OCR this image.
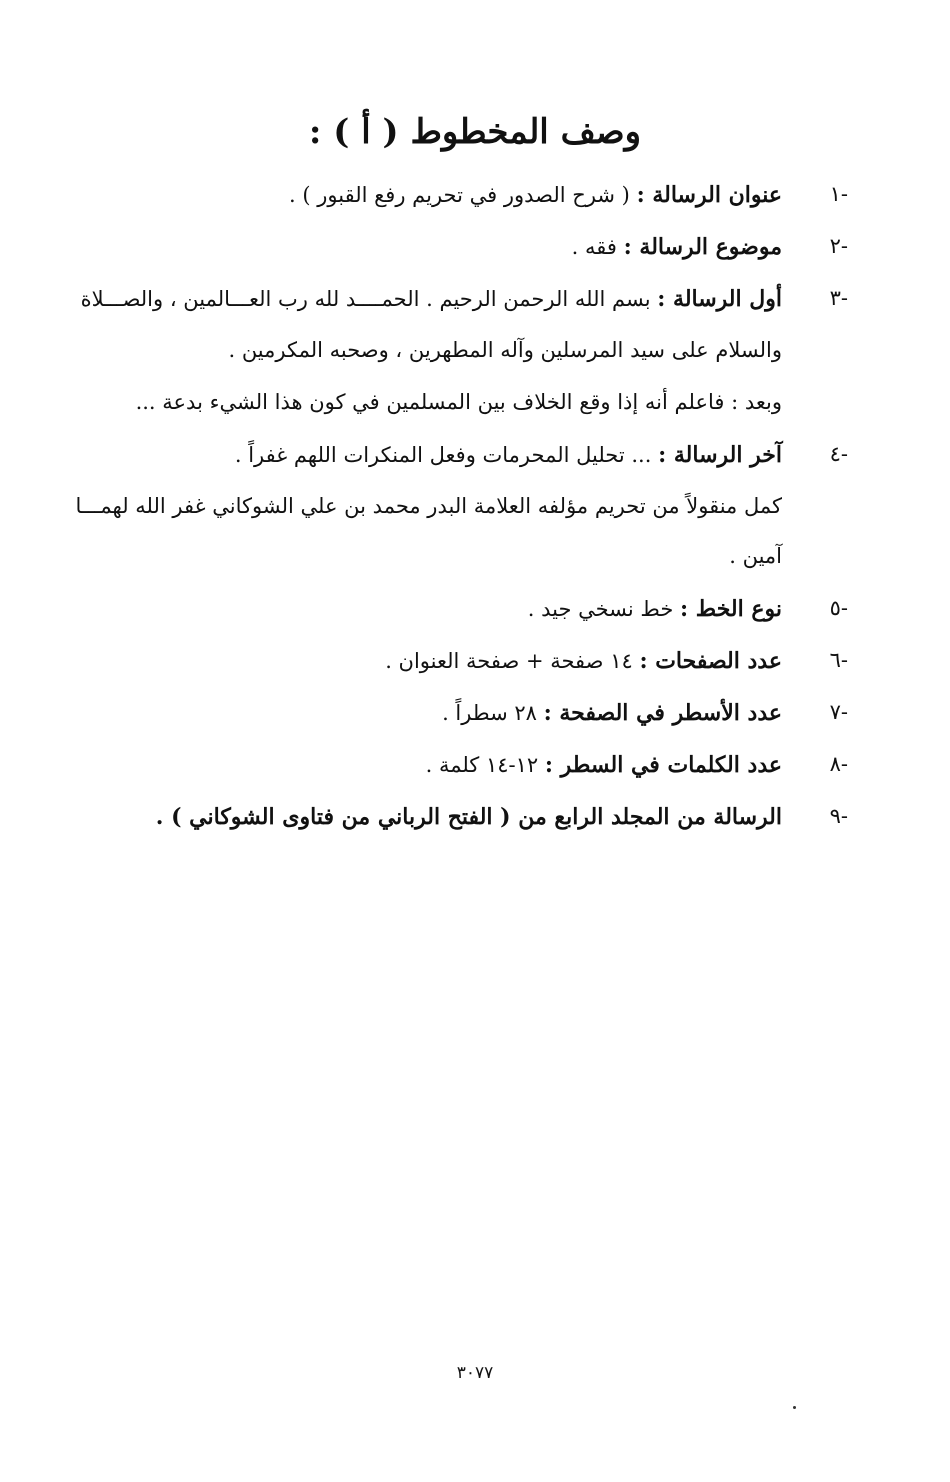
وصف المخطوط ( أ ) :
-١
عنوان الرسالة : ( شرح الصدور في تحريم رفع القبور ) .
-٢
موضوع الرسالة : فقه .
-٣
أول الرسالة : بسم الله الرحمن الرحيم . الحمــــد لله رب العـــالمين ، والصـــلاة
والسلام على سيد المرسلين وآله المطهرين ، وصحبه المكرمين .
وبعد : فاعلم أنه إذا وقع الخلاف بين المسلمين في كون هذا الشيء بدعة ...
-٤
آخر الرسالة : ... تحليل المحرمات وفعل المنكرات اللهم غفراً .
كمل منقولاً من تحريم مؤلفه العلامة البدر محمد بن علي الشوكاني غفر الله لهمـــا
آمين .
-٥
نوع الخط : خط نسخي جيد .
-٦
عدد الصفحات : ١٤ صفحة + صفحة العنوان .
-٧
عدد الأسطر في الصفحة : ٢٨ سطراً .
-٨
عدد الكلمات في السطر : ١٢-١٤ كلمة .
-٩
الرسالة من المجلد الرابع من ( الفتح الرباني من فتاوى الشوكاني ) .
٣٠٧٧
